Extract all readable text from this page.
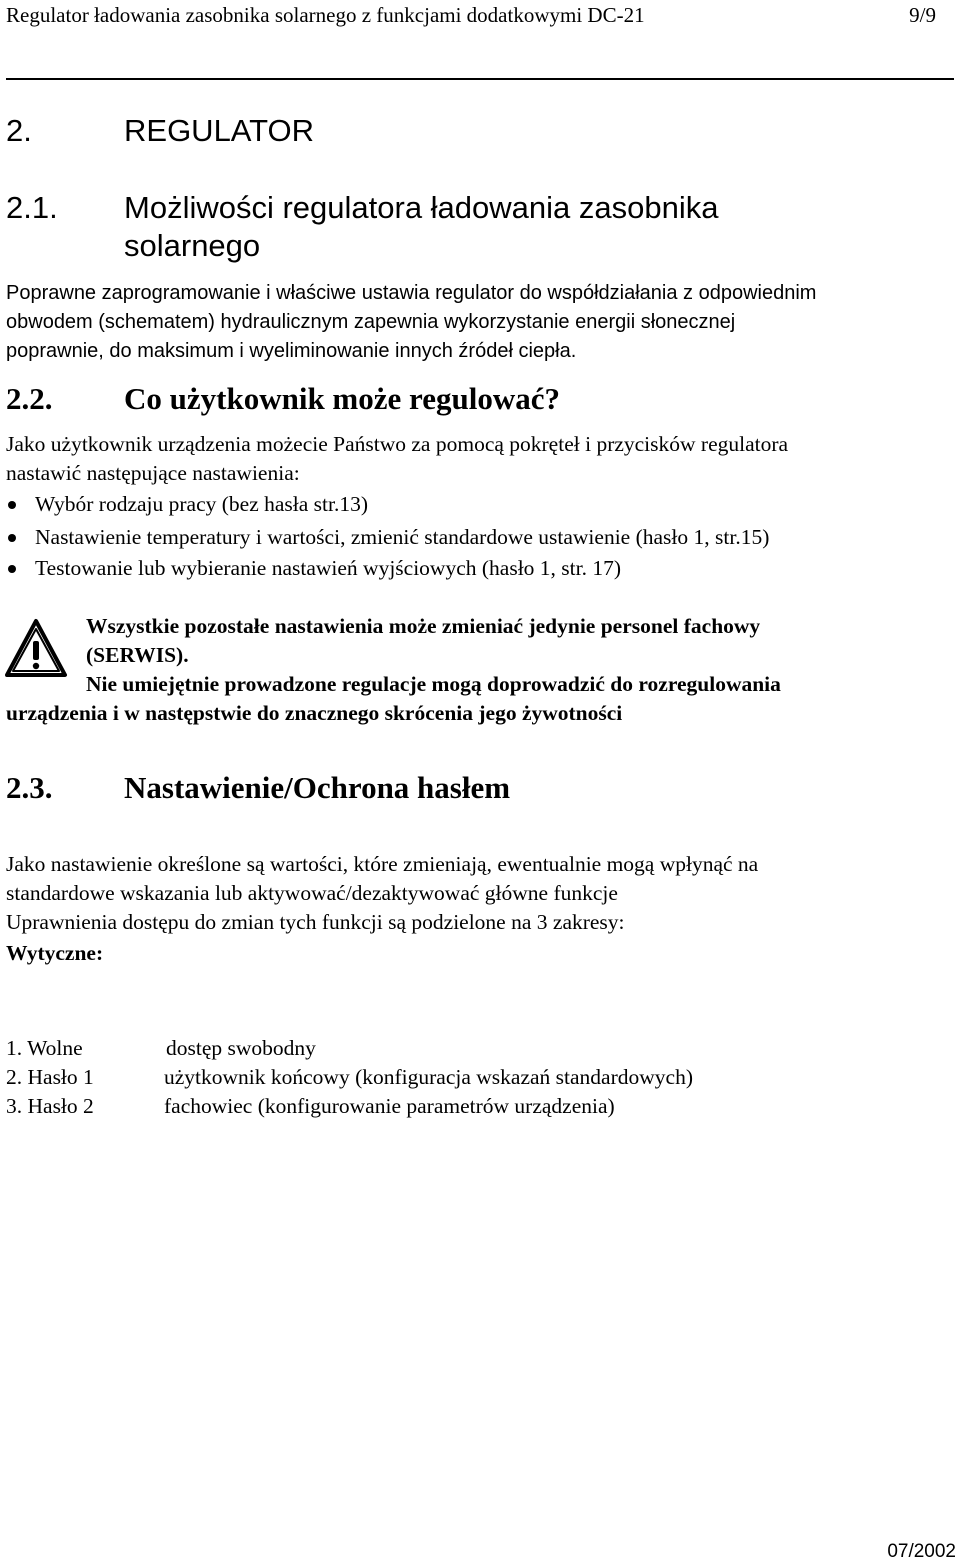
Regulator ładowania zasobnika solarnego z funkcjami dodatkowymi DC-21	9/9
2.	REGULATOR
2.1. Możliwości regulatora ładowania zasobnika
solarnego
Poprawne zaprogramowanie i właściwe ustawia regulator do współdziałania z odpowiednim
obwodem (schematem) hydraulicznym zapewnia wykorzystanie energii słonecznej
poprawnie, do maksimum i wyeliminowanie innych źródeł ciepła.
2.2. Co użytkownik może regulować?
Jako użytkownik urządzenia możecie Państwo za pomocą pokręteł i przycisków regulatora
nastawić następujące nastawienia:
Wybór rodzaju pracy (bez hasła str.13)
Nastawienie temperatury i wartości, zmienić standardowe ustawienie (hasło 1, str.15)
Testowanie lub wybieranie nastawień wyjściowych (hasło 1, str. 17)
Wszystkie pozostałe nastawienia może zmieniać jedynie personel fachowy
(SERWIS).
Nie umiejętnie prowadzone regulacje mogą doprowadzić do rozregulowania
urządzenia i w następstwie do znacznego skrócenia jego żywotności
2.3. Nastawienie/Ochrona hasłem
Jako nastawienie określone są wartości, które zmieniają, ewentualnie mogą wpłynąć na
standardowe wskazania lub aktywować/dezaktywować główne funkcje
Uprawnienia dostępu do zmian tych funkcji są podzielone na 3 zakresy:
Wytyczne:
1. Wolne	dostęp swobodny
2. Hasło 1	użytkownik końcowy (konfiguracja wskazań standardowych)
3. Hasło 2	fachowiec (konfigurowanie parametrów urządzenia)
07/2002
